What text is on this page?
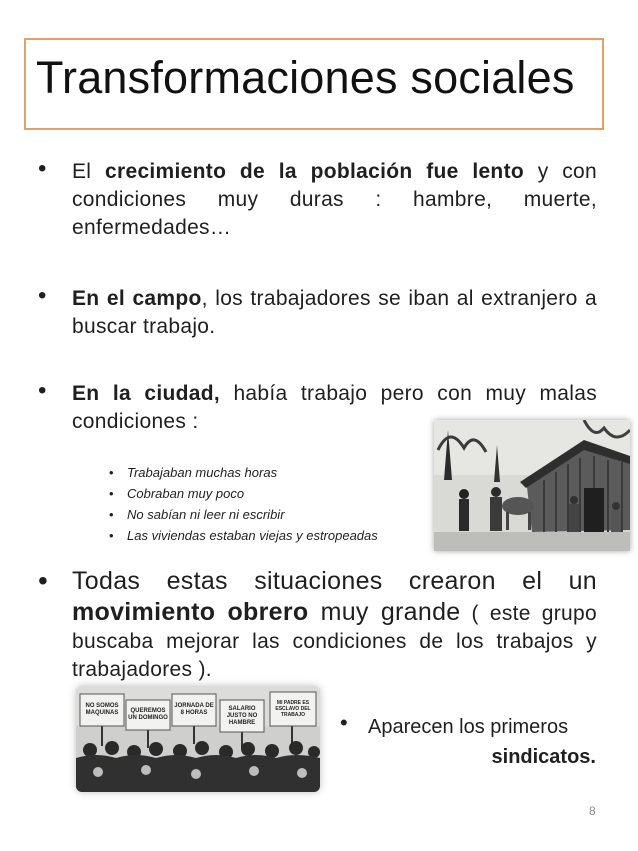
Transformaciones sociales
• El crecimiento de la población fue lento y con condiciones muy duras : hambre, muerte, enfermedades…
• En el campo, los trabajadores se iban al extranjero a buscar trabajo.
• En la ciudad, había trabajo pero con muy malas condiciones :
• Trabajaban muchas horas
• Cobraban muy poco
• No sabían ni leer ni escribir
• Las viviendas estaban viejas y estropeadas
• Todas estas situaciones crearon el un movimiento obrero muy grande ( este grupo buscaba mejorar las condiciones de los trabajos y trabajadores ).
NO SOMOS MAQUINAS	QUEREMOS UN DOMINGO
JORNADA DE 8 HORAS
SALARIO JUSTO NO HAMBRE
MI PADRE ES ESCLAVO DEL TRABAJO	•	Aparecen los primeros
sindicatos.
8
